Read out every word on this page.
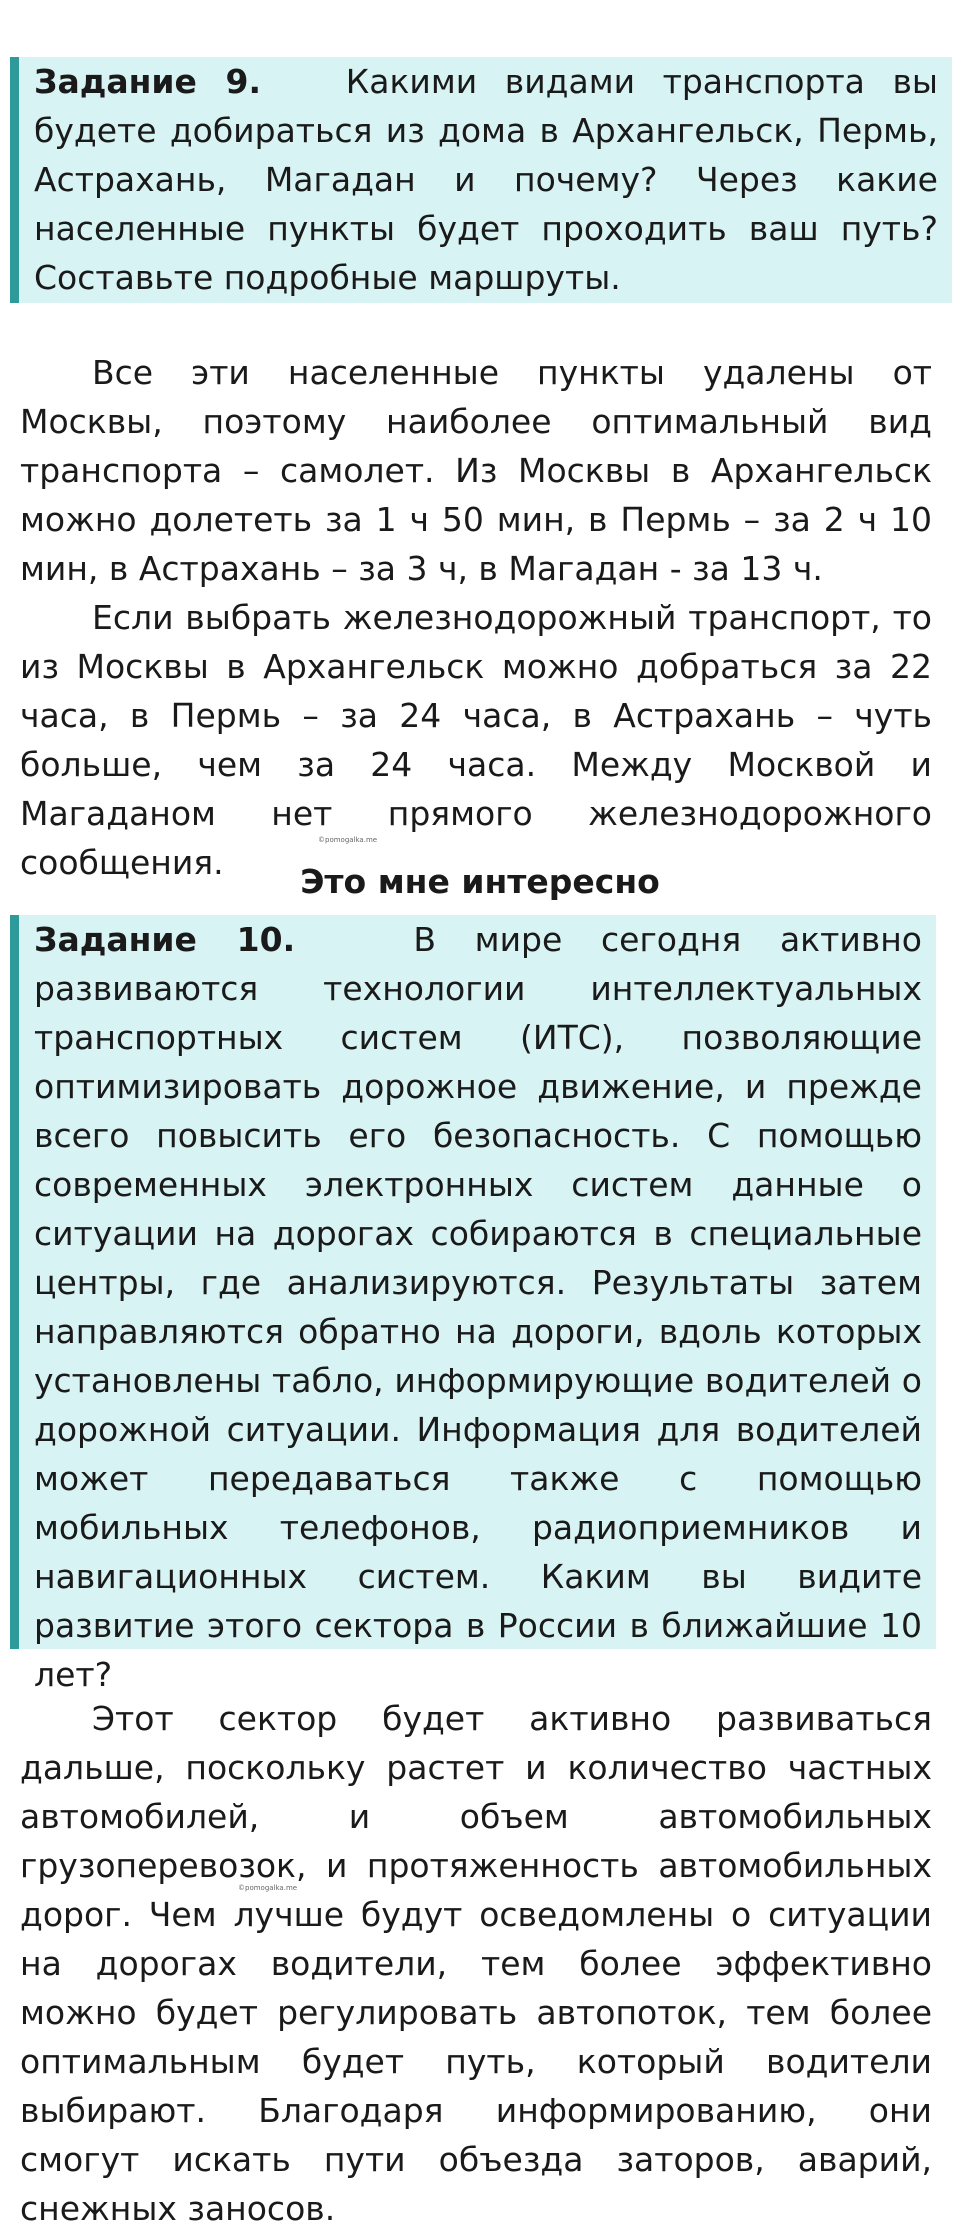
Задание 9.   Какими видами транспорта вы будете добираться из дома в Архангельск, Пермь, Астрахань, Магадан и почему? Через какие населенные пункты будет проходить ваш путь? Составьте подробные маршруты.

Все эти населенные пункты удалены от Москвы, поэтому наиболее оптимальный вид транспорта – самолет. Из Москвы в Архангельск можно долететь за 1 ч 50 мин, в Пермь – за 2 ч 10 мин, в Астрахань – за 3 ч, в Магадан - за 13 ч.

Если выбрать железнодорожный транспорт, то из Москвы в Архангельск можно добраться за 22 часа, в Пермь – за 24 часа, в Астрахань – чуть больше, чем за 24 часа. Между Москвой и Магаданом нет прямого железнодорожного сообщения.

©pomogalka.me
Это мне интересно
Задание 10.   В мире сегодня активно развиваются технологии интеллектуальных транспортных систем (ИТС), позволяющие оптимизировать дорожное движение, и прежде всего повысить его безопасность. С помощью современных электронных систем данные о ситуации на дорогах собираются в специальные центры, где анализируются. Результаты затем направляются обратно на дороги, вдоль которых установлены табло, информирующие водителей о дорожной ситуации. Информация для водителей может передаваться также с помощью мобильных телефонов, радиоприемников и навигационных систем. Каким вы видите развитие этого сектора в России в ближайшие 10 лет?

Этот сектор будет активно развиваться дальше, поскольку растет и количество частных автомобилей, и объем автомобильных грузоперевозок, и протяженность автомобильных дорог. Чем лучше будут осведомлены о ситуации на дорогах водители, тем более эффективно можно будет регулировать автопоток, тем более оптимальным будет путь, который водители выбирают. Благодаря информированию, они смогут искать пути объезда заторов, аварий, снежных заносов.

©pomogalka.me
